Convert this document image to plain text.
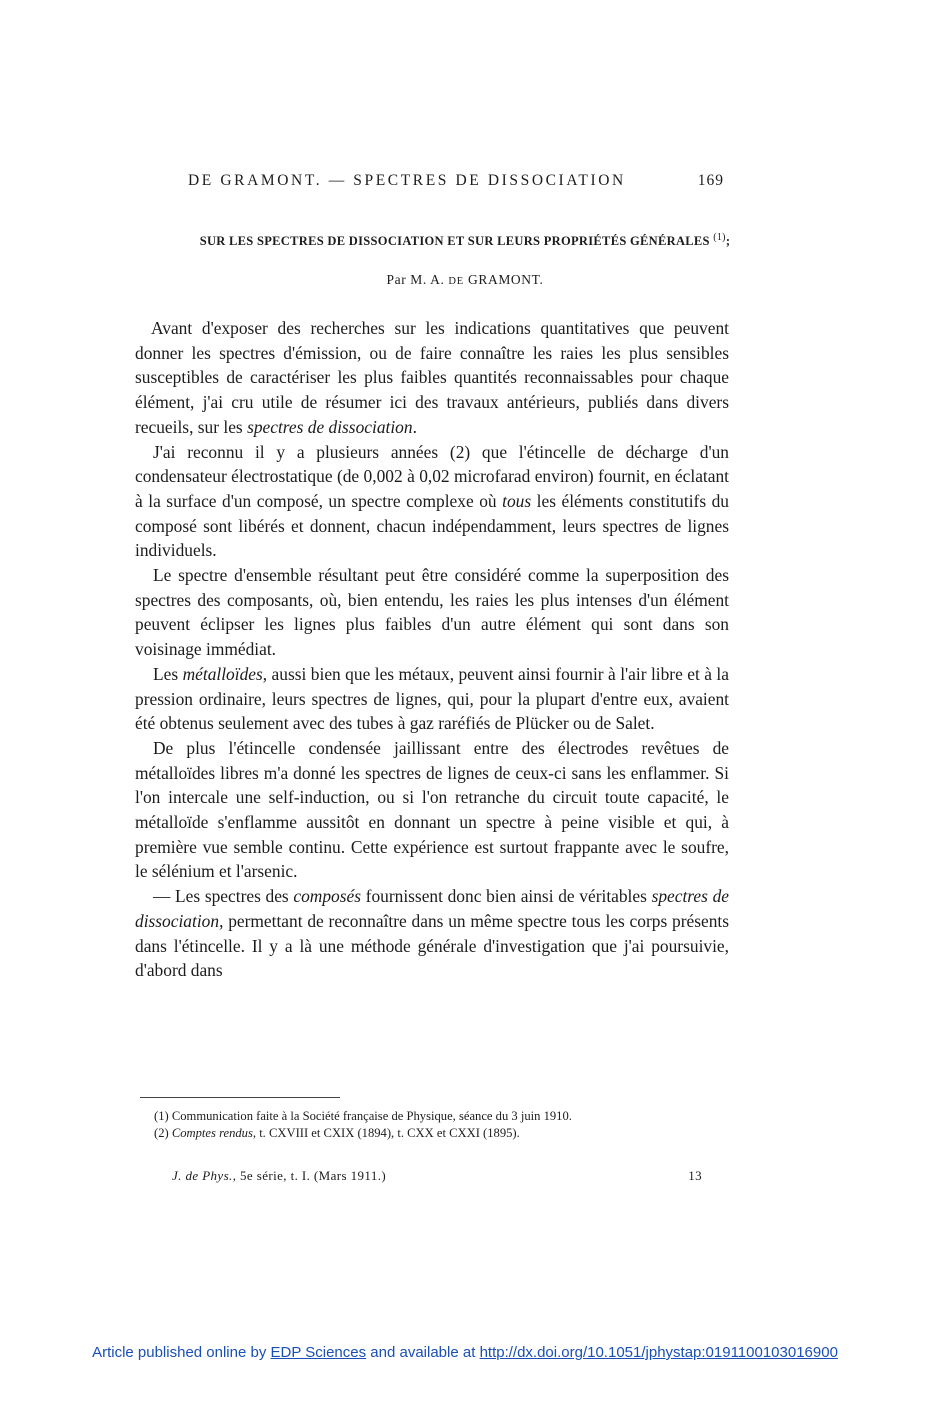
DE GRAMONT. — SPECTRES DE DISSOCIATION	169
SUR LES SPECTRES DE DISSOCIATION ET SUR LEURS PROPRIÉTÉS GÉNÉRALES $^{(1)}$;
Par M. A. DE GRAMONT.

Avant d'exposer des recherches sur les indications quantitatives que peuvent donner les spectres d'émission, ou de faire connaître les raies les plus sensibles susceptibles de caractériser les plus faibles quantités reconnaissables pour chaque élément, j'ai cru utile de résumer ici des travaux antérieurs, publiés dans divers recueils, sur les spectres de dissociation.

J'ai reconnu il y a plusieurs années (2) que l'étincelle de décharge d'un condensateur électrostatique (de 0,002 à 0,02 microfarad environ) fournit, en éclatant à la surface d'un composé, un spectre complexe où tous les éléments constitutifs du composé sont libérés et donnent, chacun indépendamment, leurs spectres de lignes individuels.

Le spectre d'ensemble résultant peut être considéré comme la superposition des spectres des composants, où, bien entendu, les raies les plus intenses d'un élément peuvent éclipser les lignes plus faibles d'un autre élément qui sont dans son voisinage immédiat.

Les métalloïdes, aussi bien que les métaux, peuvent ainsi fournir à l'air libre et à la pression ordinaire, leurs spectres de lignes, qui, pour la plupart d'entre eux, avaient été obtenus seulement avec des tubes à gaz raréfiés de Plücker ou de Salet.

De plus l'étincelle condensée jaillissant entre des électrodes revêtues de métalloïdes libres m'a donné les spectres de lignes de ceux-ci sans les enflammer. Si l'on intercale une self-induction, ou si l'on retranche du circuit toute capacité, le métalloïde s'enflamme aussitôt en donnant un spectre à peine visible et qui, à première vue semble continu. Cette expérience est surtout frappante avec le soufre, le sélénium et l'arsenic.

— Les spectres des composés fournissent donc bien ainsi de véritables spectres de dissociation, permettant de reconnaître dans un même spectre tous les corps présents dans l'étincelle. Il y a là une méthode générale d'investigation que j'ai poursuivie, d'abord dans

(1) Communication faite à la Société française de Physique, séance du 3 juin 1910.

(2) Comptes rendus, t. CXVIII et CXIX (1894), t. CXX et CXXI (1895).

J. de Phys., 5e série, t. I. (Mars 1911.)	13
Article published online by EDP Sciences and available at http://dx.doi.org/10.1051/jphystap:0191100103016900
